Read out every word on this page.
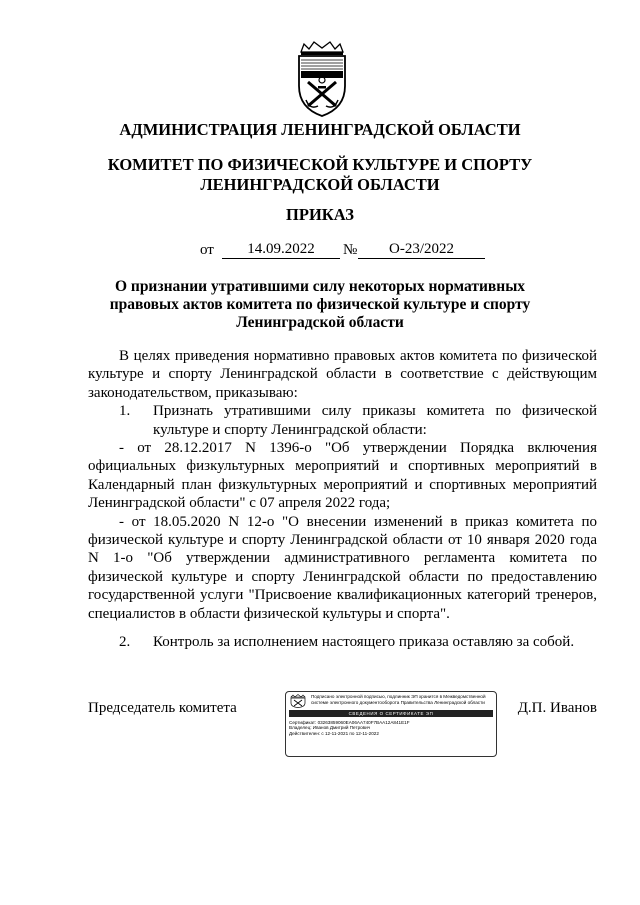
АДМИНИСТРАЦИЯ ЛЕНИНГРАДСКОЙ ОБЛАСТИ
КОМИТЕТ ПО ФИЗИЧЕСКОЙ КУЛЬТУРЕ И СПОРТУ
ЛЕНИНГРАДСКОЙ ОБЛАСТИ
ПРИКАЗ
от	14.09.2022	№	О-23/2022
О признании утратившими силу некоторых нормативных правовых актов комитета по физической культуре и спорту Ленинградской области

В целях приведения нормативно правовых актов комитета по физической культуре и спорту Ленинградской области в соответствие с действующим законодательством, приказываю:

1.	Признать утратившими силу приказы комитета по физической культуре и спорту Ленинградской области:

- от 28.12.2017 N 1396-о "Об утверждении Порядка включения официальных физкультурных мероприятий и спортивных мероприятий в Календарный план физкультурных мероприятий и спортивных мероприятий Ленинградской области" с 07 апреля 2022 года;

- от 18.05.2020 N 12-о "О внесении изменений в приказ комитета по физической культуре и спорту Ленинградской области от 10 января 2020 года N 1-о "Об утверждении административного регламента комитета по физической культуре и спорту Ленинградской области по предоставлению государственной услуги "Присвоение квалификационных категорий тренеров, специалистов в области физической культуры и спорта".

2.	Контроль за исполнением настоящего приказа оставляю за собой.

Председатель комитета
Подписано электронной подписью, подлинник ЭП хранится в Межведомственной системе электронного документооборота Правительства Ленинградской области
СВЕДЕНИЯ О СЕРТИФИКАТЕ ЭП
Сертификат: 03263859060EA06AA740F7BAA12A841E1F
Владелец: Иванов Дмитрий Петрович
Действителен: с 12-11-2021 по 12-11-2022
Д.П. Иванов
